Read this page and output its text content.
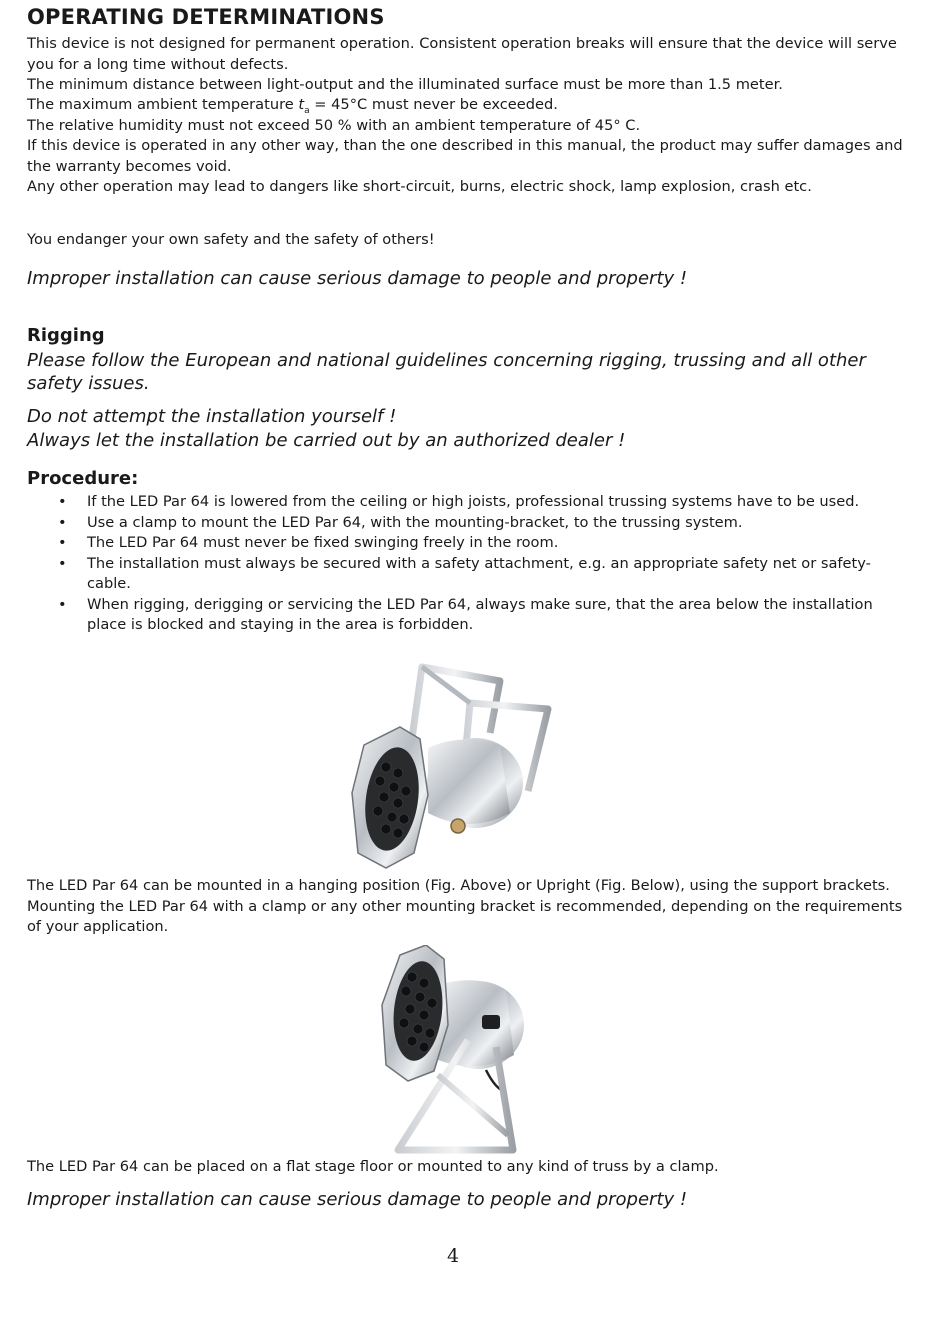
OPERATING DETERMINATIONS
This device is not designed for permanent operation. Consistent operation breaks will ensure that the device will serve you for a long time without defects.
The minimum distance between light-output and the illuminated surface must be more than 1.5 meter.
The maximum ambient temperature $t_a = 45^\circ C$ must never be exceeded.
The relative humidity must not exceed 50 % with an ambient temperature of 45° C.
If this device is operated in any other way, than the one described in this manual, the product may suffer damages and the warranty becomes void.
Any other operation may lead to dangers like short-circuit, burns, electric shock, lamp explosion, crash etc.
You endanger your own safety and the safety of others!
Improper installation can cause serious damage to people and property !
Rigging
Please follow the European and national guidelines concerning rigging, trussing and all other safety issues.
Do not attempt the installation yourself !
Always let the installation be carried out by an authorized dealer !
Procedure:
• If the LED Par 64 is lowered from the ceiling or high joists, professional trussing systems have to be used.
• Use a clamp to mount the LED Par 64, with the mounting-bracket, to the trussing system.
• The LED Par 64 must never be fixed swinging freely in the room.
• The installation must always be secured with a safety attachment, e.g. an appropriate safety net or safety-cable.
• When rigging, derigging or servicing the LED Par 64, always make sure, that the area below the installation place is blocked and staying in the area is forbidden.
The LED Par 64 can be mounted in a hanging position (Fig. Above) or Upright (Fig. Below), using the support brackets. Mounting the LED Par 64 with a clamp or any other mounting bracket is recommended, depending on the requirements of your application.
The LED Par 64 can be placed on a flat stage floor or mounted to any kind of truss by a clamp.
Improper installation can cause serious damage to people and property !
4
